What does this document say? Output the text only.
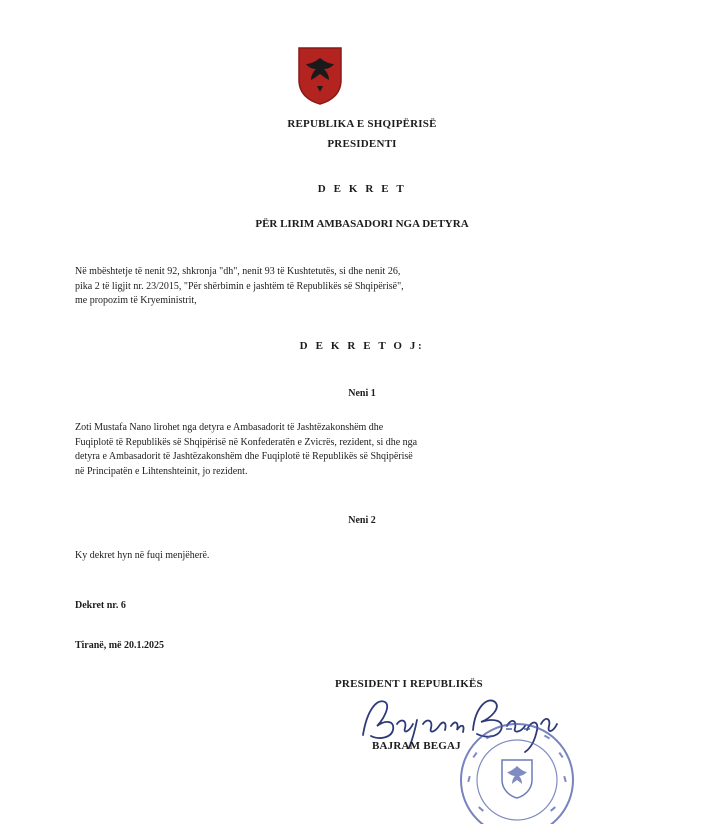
REPUBLIKA E SHQIPËRISË
PRESIDENTI
D E K R E T
PËR LIRIM AMBASADORI NGA DETYRA

Në mbështetje të nenit 92, shkronja "dh", nenit 93 të Kushtetutës, si dhe nenit 26,

pika 2 të ligjit nr. 23/2015, "Për shërbimin e jashtëm të Republikës së Shqipërisë",

me propozim të Kryeministrit,

D E K R E T O J:
Neni 1

Zoti Mustafa Nano lirohet nga detyra e Ambasadorit të Jashtëzakonshëm dhe

Fuqiplotë të Republikës së Shqipërisë në Konfederatën e Zvicrës, rezident, si dhe nga

detyra e Ambasadorit të Jashtëzakonshëm dhe Fuqiplotë të Republikës së Shqipërisë

në Principatën e Lihtenshteinit, jo rezident.

Neni 2
Ky dekret hyn në fuqi menjëherë.
Dekret nr. 6
Tiranë, më 20.1.2025
PRESIDENT I REPUBLIKËS
BAJRAM BEGAJ
